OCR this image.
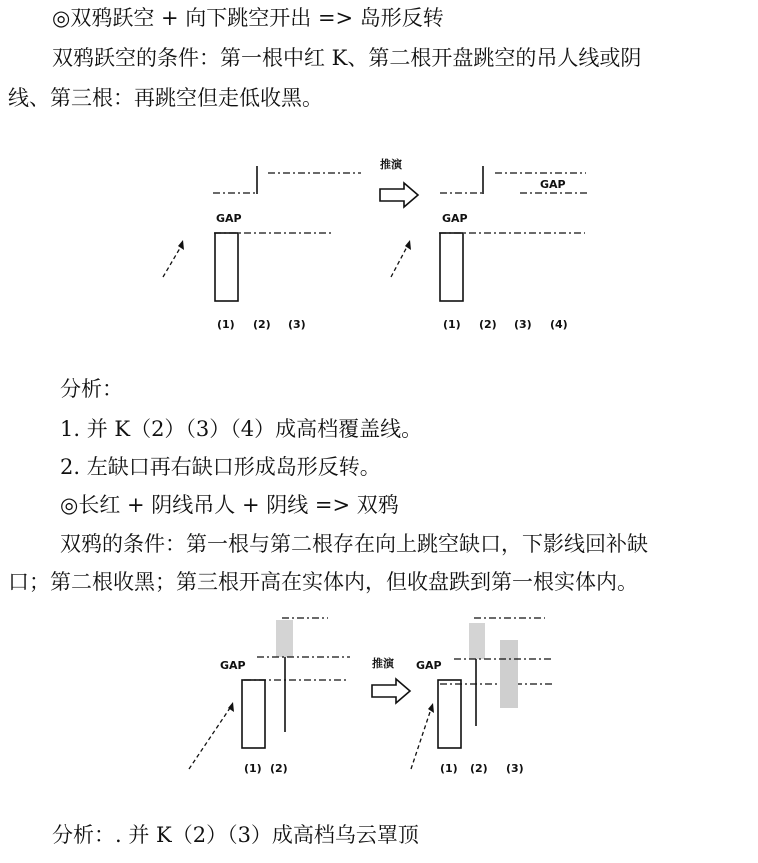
◎双鸦跃空 + 向下跳空开出 => 岛形反转
双鸦跃空的条件：第一根中红 K、第二根开盘跳空的吊人线或阴
线、第三根：再跳空但走低收黑。
GAP
(1) (2) (3)
推演
GAP
GAP
(1) (2) (3) (4)
GAP
(1) (2)
推演 GAP
(1) (2) (3)
分析：
1. 并 K（2）（3）（4）成高档覆盖线。
2. 左缺口再右缺口形成岛形反转。
◎长红 + 阴线吊人 + 阴线 => 双鸦
双鸦的条件：第一根与第二根存在向上跳空缺口，下影线回补缺
口；第二根收黑；第三根开高在实体内，但收盘跌到第一根实体内。
分析：. 并 K（2）（3）成高档乌云罩顶
